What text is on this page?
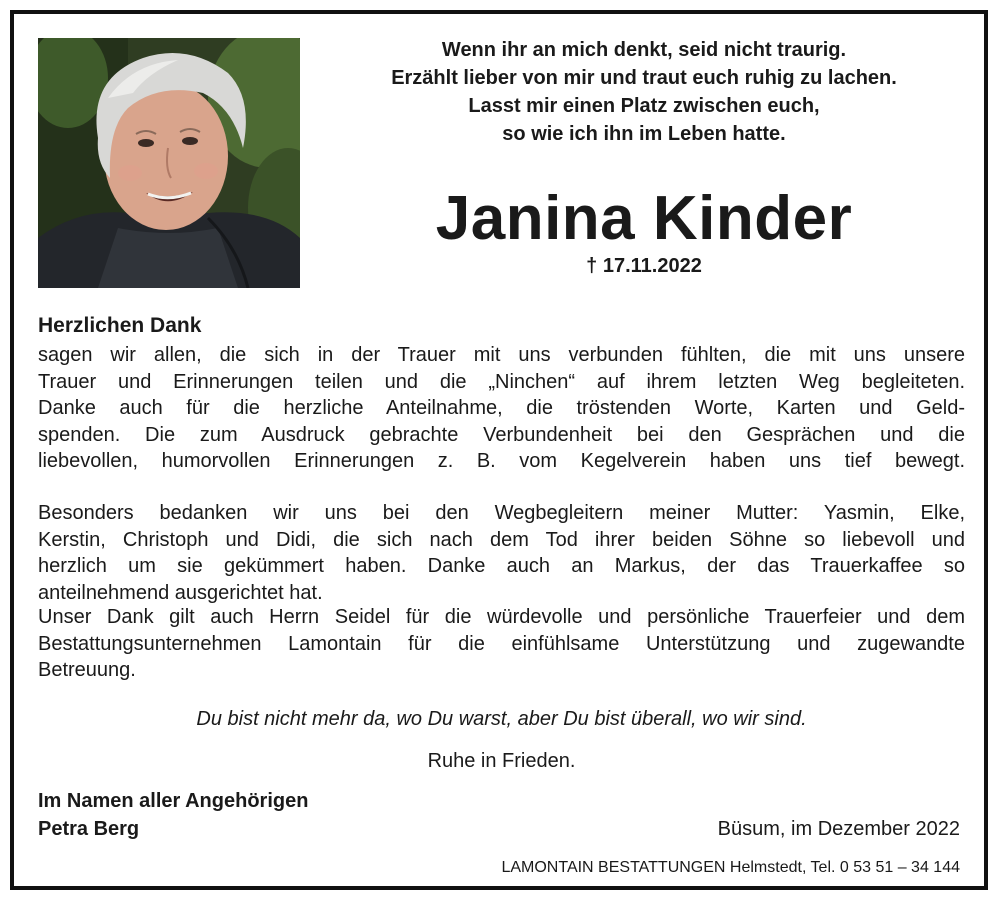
Wenn ihr an mich denkt, seid nicht traurig.
Erzählt lieber von mir und traut euch ruhig zu lachen.
Lasst mir einen Platz zwischen euch,
so wie ich ihn im Leben hatte.
Janina Kinder
† 17.11.2022
Herzlichen Dank
sagen wir allen, die sich in der Trauer mit uns verbunden fühlten, die mit uns unsere
Trauer und Erinnerungen teilen und die „Ninchen“ auf ihrem letzten Weg begleiteten.
Danke auch für die herzliche Anteilnahme, die tröstenden Worte, Karten und Geld-
spenden. Die zum Ausdruck gebrachte Verbundenheit bei den Gesprächen und die
liebevollen, humorvollen Erinnerungen z. B. vom Kegelverein haben uns tief bewegt.
Besonders bedanken wir uns bei den Wegbegleitern meiner Mutter: Yasmin, Elke,
Kerstin, Christoph und Didi, die sich nach dem Tod ihrer beiden Söhne so liebevoll und
herzlich um sie gekümmert haben. Danke auch an Markus, der das Trauerkaffee so
anteilnehmend ausgerichtet hat.
Unser Dank gilt auch Herrn Seidel für die würdevolle und persönliche Trauerfeier und dem
Bestattungsunternehmen Lamontain für die einfühlsame Unterstützung und zugewandte
Betreuung.
Du bist nicht mehr da, wo Du warst, aber Du bist überall, wo wir sind.
Ruhe in Frieden.
Im Namen aller Angehörigen
Petra Berg	Büsum, im Dezember 2022
LAMONTAIN BESTATTUNGEN Helmstedt, Tel. 0 53 51 – 34 144
